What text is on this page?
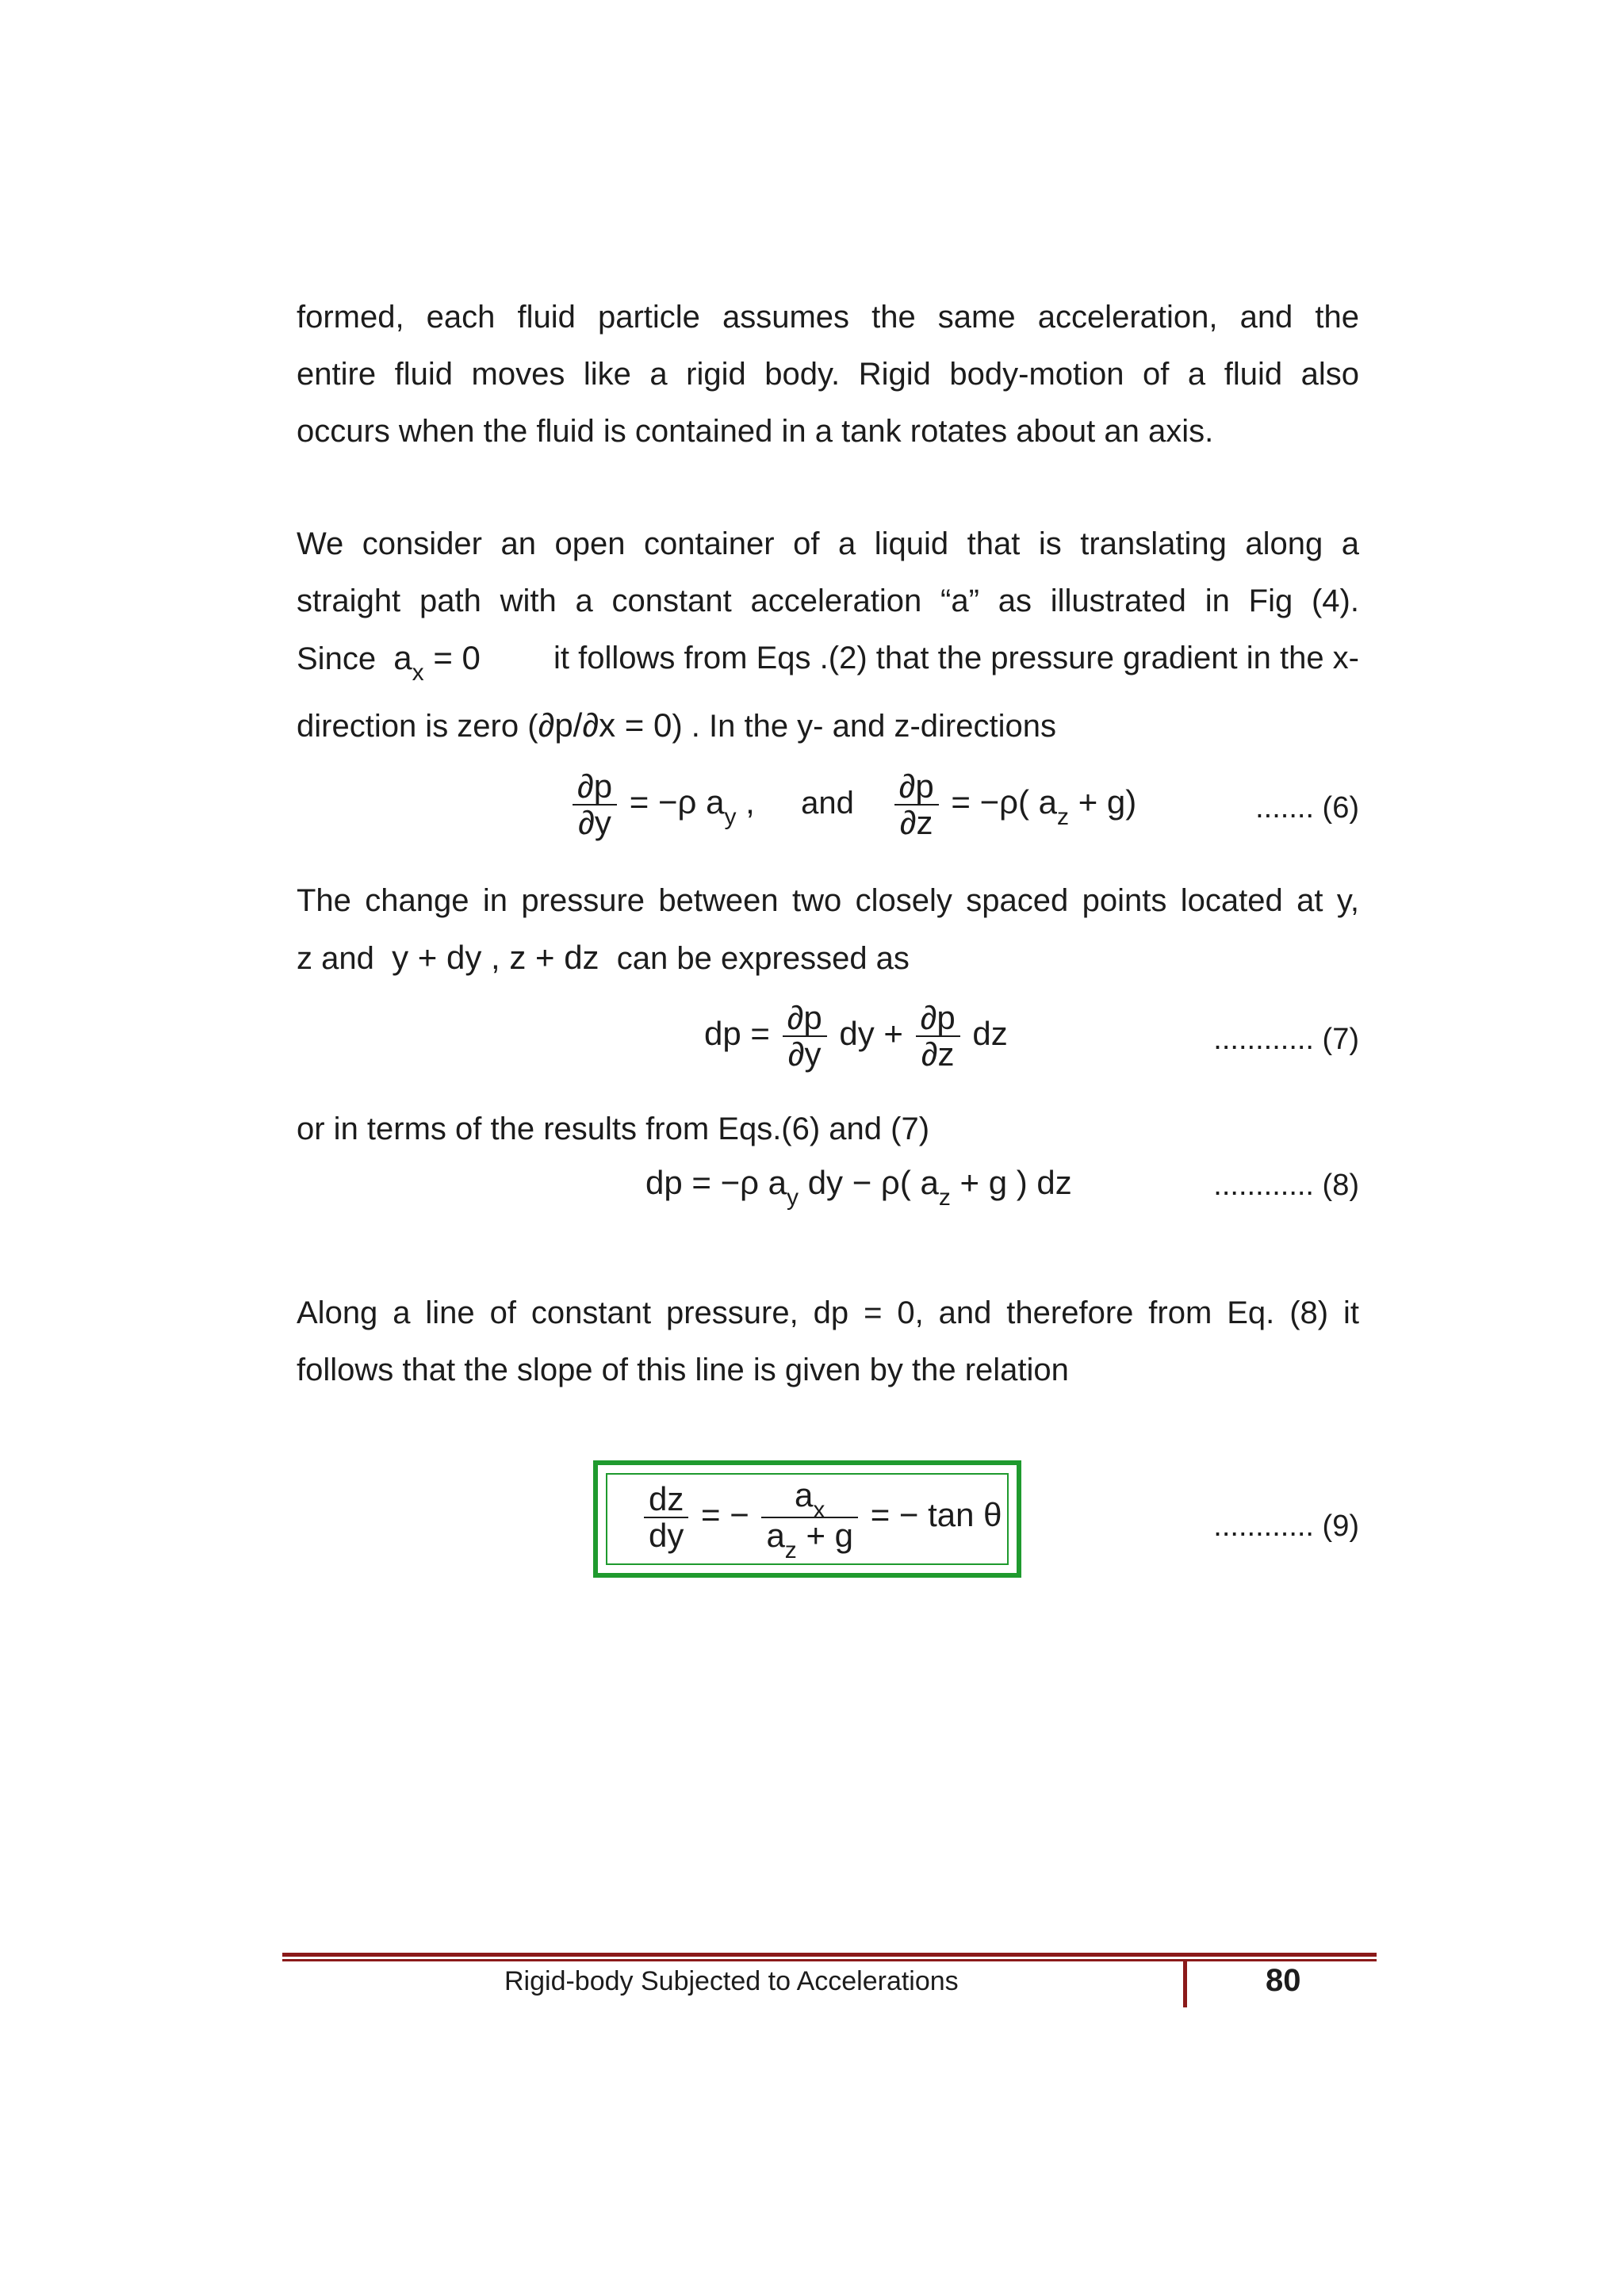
formed, each fluid particle assumes the same acceleration, and the
entire fluid moves like a rigid body. Rigid body-motion of a fluid also
occurs when the fluid is contained in a tank rotates about an axis.
We consider an open container of a liquid that is translating along a
straight path with a constant acceleration “a” as illustrated in Fig (4).
Since $a_x = 0$ it follows from Eqs .(2) that the pressure gradient in the x-
direction is zero (∂p/∂x = 0) . In the y- and z-directions
$\frac{\partial p}{\partial y} = -\rho$ $a_y$ , and $\frac{\partial p}{\partial z} = -\rho$( $a_z + g$)	....... (6)
The change in pressure between two closely spaced points located at y,
z and y + dy , z + dz can be expressed as
dp = $\frac{\partial p}{\partial y}$ dy + $\frac{\partial p}{\partial z}$ dz	............ (7)
or in terms of the results from Eqs.(6) and (7)
dp = −ρ $a_y$ dy − ρ( $a_z + g$ ) dz	............ (8)
Along a line of constant pressure, dp = 0, and therefore from Eq. (8) it
follows that the slope of this line is given by the relation
$\frac{dz}{dy}$ = − $\frac{a_x}{a_z + g}$ = − tan θ	............ (9)
Rigid-body Subjected to Accelerations	80
